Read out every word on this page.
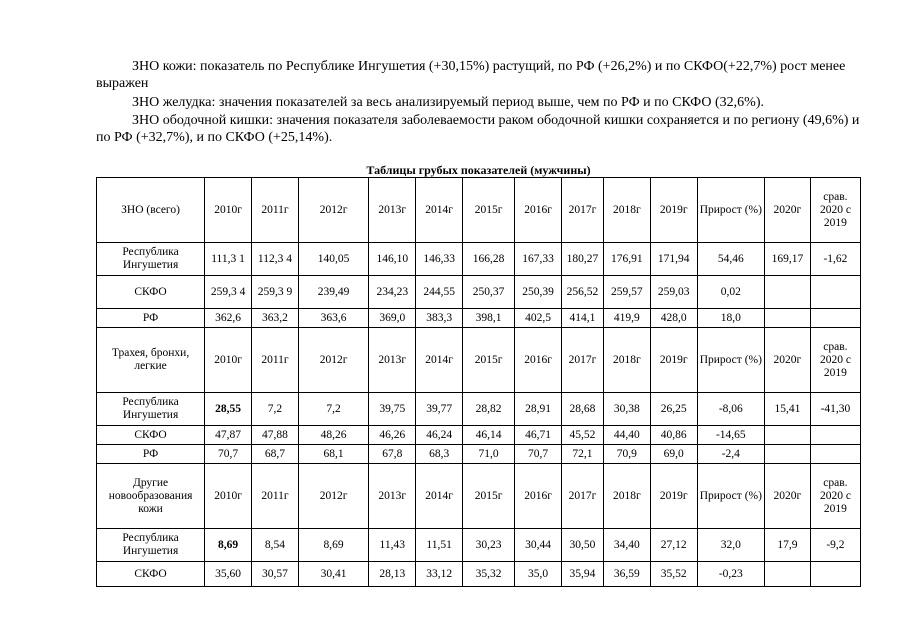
ЗНО кожи: показатель по Республике Ингушетия (+30,15%) растущий, по РФ (+26,2%) и по СКФО(+22,7%) рост менее выражен

ЗНО желудка: значения показателей за весь анализируемый период выше, чем по РФ и по СКФО (32,6%).

ЗНО ободочной кишки: значения показателя заболеваемости раком ободочной кишки сохраняется и по региону (49,6%) и по РФ (+32,7%), и по СКФО (+25,14%).

Таблицы грубых показателей (мужчины)
ЗНО (всего)	2010г	2011г	2012г	2013г	2014г	2015г	2016г	2017г	2018г	2019г	Прирост (%)	2020г	срав. 2020 с 2019
Республика Ингушетия	111,3 1	112,3 4	140,05	146,10	146,33	166,28	167,33	180,27	176,91	171,94	54,46	169,17	-1,62
СКФО	259,3 4	259,3 9	239,49	234,23	244,55	250,37	250,39	256,52	259,57	259,03	0,02		
РФ	362,6	363,2	363,6	369,0	383,3	398,1	402,5	414,1	419,9	428,0	18,0		
Трахея, бронхи, легкие	2010г	2011г	2012г	2013г	2014г	2015г	2016г	2017г	2018г	2019г	Прирост (%)	2020г	срав. 2020 с 2019
Республика Ингушетия	28,55	7,2	7,2	39,75	39,77	28,82	28,91	28,68	30,38	26,25	-8,06	15,41	-41,30
СКФО	47,87	47,88	48,26	46,26	46,24	46,14	46,71	45,52	44,40	40,86	-14,65		
РФ	70,7	68,7	68,1	67,8	68,3	71,0	70,7	72,1	70,9	69,0	-2,4		
Другие новообразования кожи	2010г	2011г	2012г	2013г	2014г	2015г	2016г	2017г	2018г	2019г	Прирост (%)	2020г	срав. 2020 с 2019
Республика Ингушетия	8,69	8,54	8,69	11,43	11,51	30,23	30,44	30,50	34,40	27,12	32,0	17,9	-9,2
СКФО	35,60	30,57	30,41	28,13	33,12	35,32	35,0	35,94	36,59	35,52	-0,23		
